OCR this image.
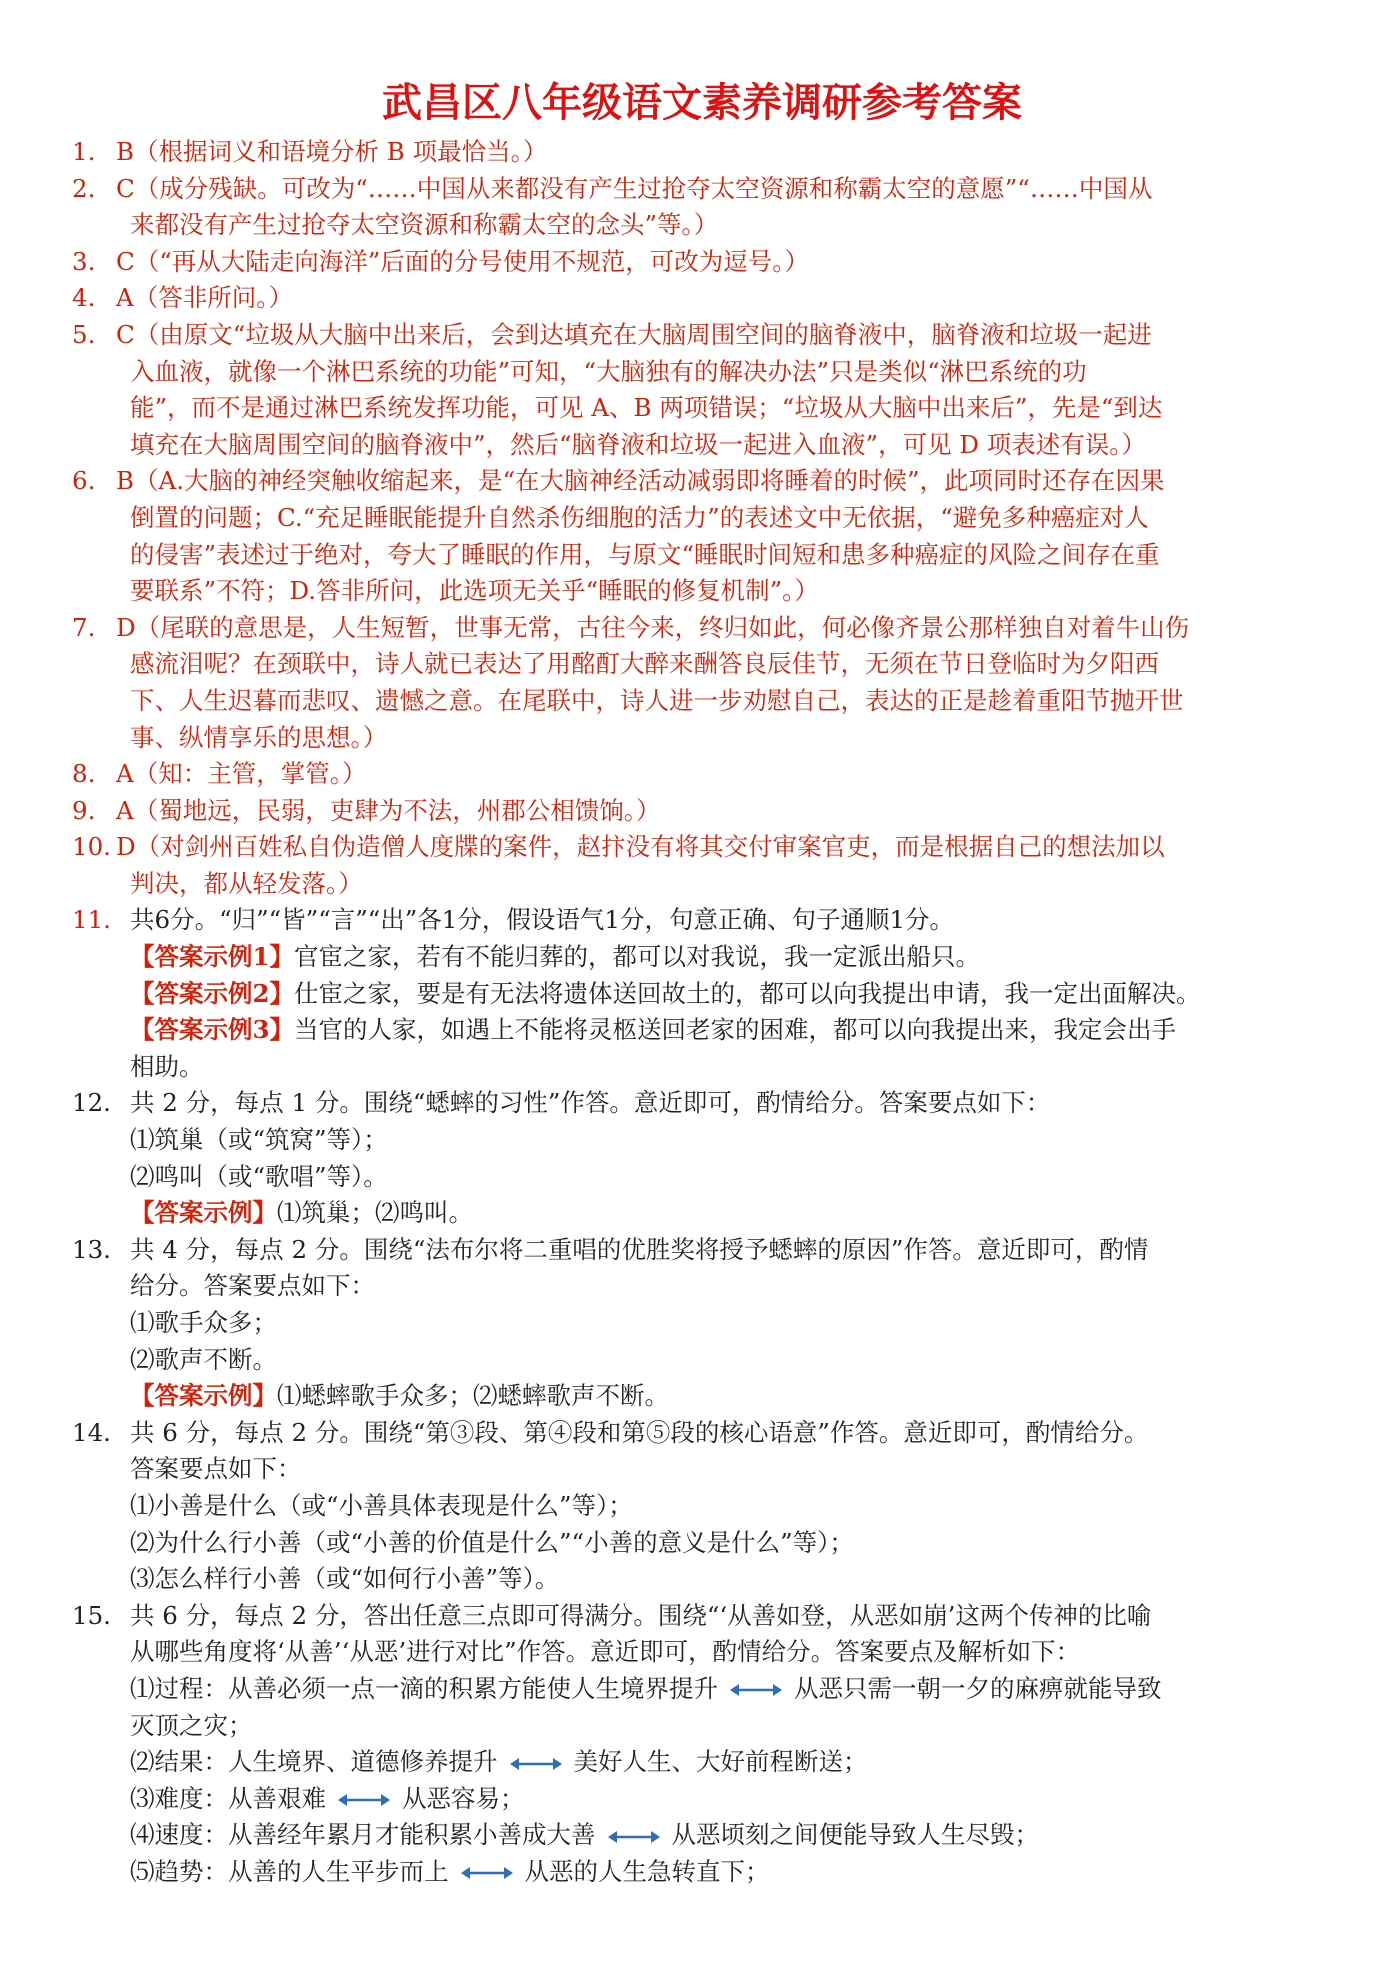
武昌区八年级语文素养调研参考答案
1. B（根据词义和语境分析 B 项最恰当。）
2. C（成分残缺。可改为“……中国从来都没有产生过抢夺太空资源和称霸太空的意愿”“……中国从
来都没有产生过抢夺太空资源和称霸太空的念头”等。）
3. C（“再从大陆走向海洋”后面的分号使用不规范，可改为逗号。）
4. A（答非所问。）
5. C（由原文“垃圾从大脑中出来后，会到达填充在大脑周围空间的脑脊液中，脑脊液和垃圾一起进
入血液，就像一个淋巴系统的功能”可知，“大脑独有的解决办法”只是类似“淋巴系统的功
能”，而不是通过淋巴系统发挥功能，可见 A、B 两项错误；“垃圾从大脑中出来后”，先是“到达
填充在大脑周围空间的脑脊液中”，然后“脑脊液和垃圾一起进入血液”，可见 D 项表述有误。）
6. B（A.大脑的神经突触收缩起来，是“在大脑神经活动减弱即将睡着的时候”，此项同时还存在因果
倒置的问题；C.“充足睡眠能提升自然杀伤细胞的活力”的表述文中无依据，“避免多种癌症对人
的侵害”表述过于绝对，夸大了睡眠的作用，与原文“睡眠时间短和患多种癌症的风险之间存在重
要联系”不符；D.答非所问，此选项无关乎“睡眠的修复机制”。）
7. D（尾联的意思是，人生短暂，世事无常，古往今来，终归如此，何必像齐景公那样独自对着牛山伤
感流泪呢？在颈联中，诗人就已表达了用酩酊大醉来酬答良辰佳节，无须在节日登临时为夕阳西
下、人生迟暮而悲叹、遗憾之意。在尾联中，诗人进一步劝慰自己，表达的正是趁着重阳节抛开世
事、纵情享乐的思想。）
8. A（知：主管，掌管。）
9. A（蜀地远，民弱，吏肆为不法，州郡公相馈饷。）
10. D（对剑州百姓私自伪造僧人度牒的案件，赵抃没有将其交付审案官吏，而是根据自己的想法加以
判决，都从轻发落。）
11. 共6分。“归”“皆”“言”“出”各1分，假设语气1分，句意正确、句子通顺1分。
【答案示例1】官宦之家，若有不能归葬的，都可以对我说，我一定派出船只。
【答案示例2】仕宦之家，要是有无法将遗体送回故土的，都可以向我提出申请，我一定出面解决。
【答案示例3】当官的人家，如遇上不能将灵柩送回老家的困难，都可以向我提出来，我定会出手
相助。
12. 共 2 分，每点 1 分。围绕“蟋蟀的习性”作答。意近即可，酌情给分。答案要点如下：
⑴筑巢（或“筑窝”等）；
⑵鸣叫（或“歌唱”等）。
【答案示例】⑴筑巢；⑵鸣叫。
13. 共 4 分，每点 2 分。围绕“法布尔将二重唱的优胜奖将授予蟋蟀的原因”作答。意近即可，酌情
给分。答案要点如下：
⑴歌手众多；
⑵歌声不断。
【答案示例】⑴蟋蟀歌手众多；⑵蟋蟀歌声不断。
14. 共 6 分，每点 2 分。围绕“第③段、第④段和第⑤段的核心语意”作答。意近即可，酌情给分。
答案要点如下：
⑴小善是什么（或“小善具体表现是什么”等）；
⑵为什么行小善（或“小善的价值是什么”“小善的意义是什么”等）；
⑶怎么样行小善（或“如何行小善”等）。
15. 共 6 分，每点 2 分，答出任意三点即可得满分。围绕“‘从善如登，从恶如崩’这两个传神的比喻
从哪些角度将‘从善’‘从恶’进行对比”作答。意近即可，酌情给分。答案要点及解析如下：
⑴过程：从善必须一点一滴的积累方能使人生境界提升	从恶只需一朝一夕的麻痹就能导致
灭顶之灾；
⑵结果：人生境界、道德修养提升	美好人生、大好前程断送；
⑶难度：从善艰难	从恶容易；
⑷速度：从善经年累月才能积累小善成大善	从恶顷刻之间便能导致人生尽毁；
⑸趋势：从善的人生平步而上	从恶的人生急转直下；
